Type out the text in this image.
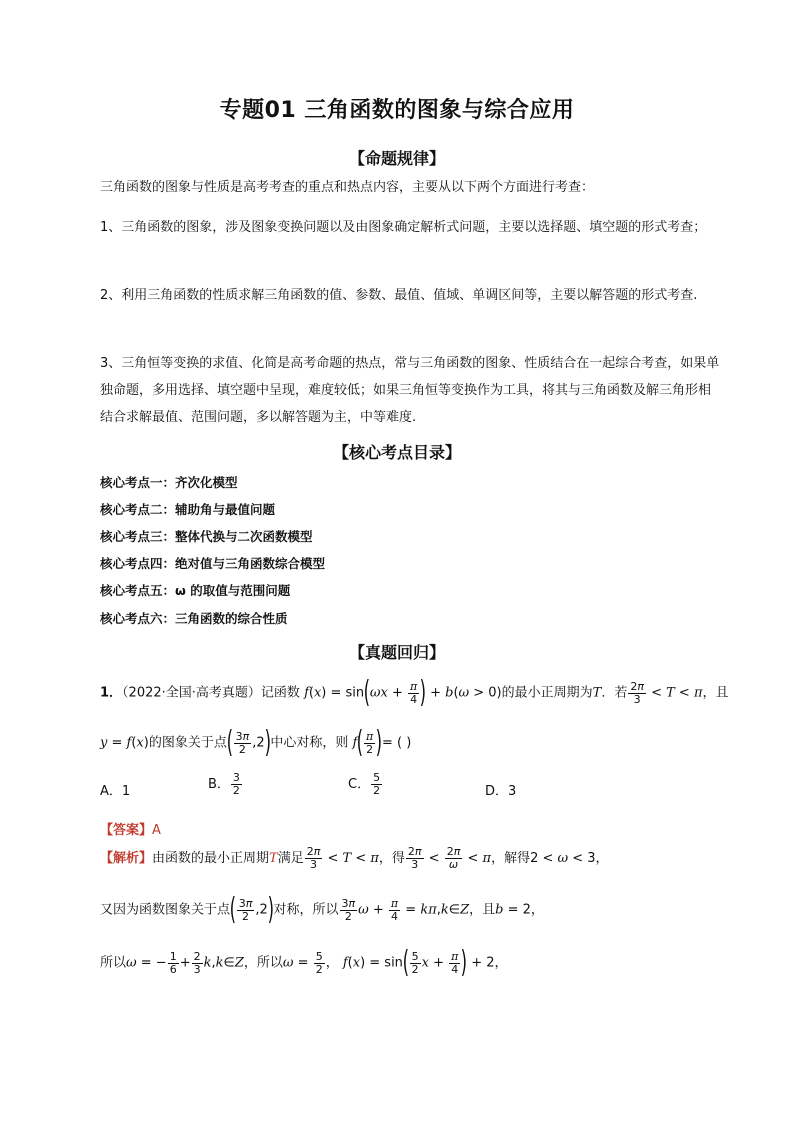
专题01 三角函数的图象与综合应用
【命题规律】
三角函数的图象与性质是高考考查的重点和热点内容，主要从以下两个方面进行考查：
1、三角函数的图象，涉及图象变换问题以及由图象确定解析式问题，主要以选择题、填空题的形式考查；
2、利用三角函数的性质求解三角函数的值、参数、最值、值域、单调区间等，主要以解答题的形式考查.
3、三角恒等变换的求值、化简是高考命题的热点，常与三角函数的图象、性质结合在一起综合考查，如果单独命题，多用选择、填空题中呈现，难度较低；如果三角恒等变换作为工具，将其与三角函数及解三角形相结合求解最值、范围问题，多以解答题为主，中等难度.
【核心考点目录】
核心考点一：齐次化模型
核心考点二：辅助角与最值问题
核心考点三：整体代换与二次函数模型
核心考点四：绝对值与三角函数综合模型
核心考点五：ω 的取值与范围问题
核心考点六：三角函数的综合性质
【真题回归】
1．（2022·全国·高考真题）记函数 $f(x) = \sin(\omega x + \frac{\pi}{4}$ ) + b(ω > 0)的最小正周期为T．若 $\frac{2\pi}{3} < T < \pi$，且
y = f(x)的图象关于点( $\frac{3\pi}{2} ,2$)中心对称，则 $f( \frac{\pi}{2}$ )= ( )
A．1	B． $\frac{3}{2}$	C． $\frac{5}{2}$	D．3
【答案】A
【解析】由函数的最小正周期T满足 $\frac{2\pi}{3} < T < \pi$，得 $\frac{2\pi}{3} < \frac{2\pi}{\omega} < \pi$，解得2 < ω < 3，
又因为函数图象关于点( $\frac{3\pi}{2} ,2$)对称，所以 $\frac{3\pi}{2}$ $\omega + \frac{\pi}{4}$ = kπ,k∈Z，且b = 2，
所以ω = − $\frac{1}{6} + \frac{2}{3}$ k,k∈Z，所以$\omega = \frac{5}{2}$ ， $f(x) = \sin( \frac{5}{2}$ $x + \frac{\pi}{4}$ ) + 2，
